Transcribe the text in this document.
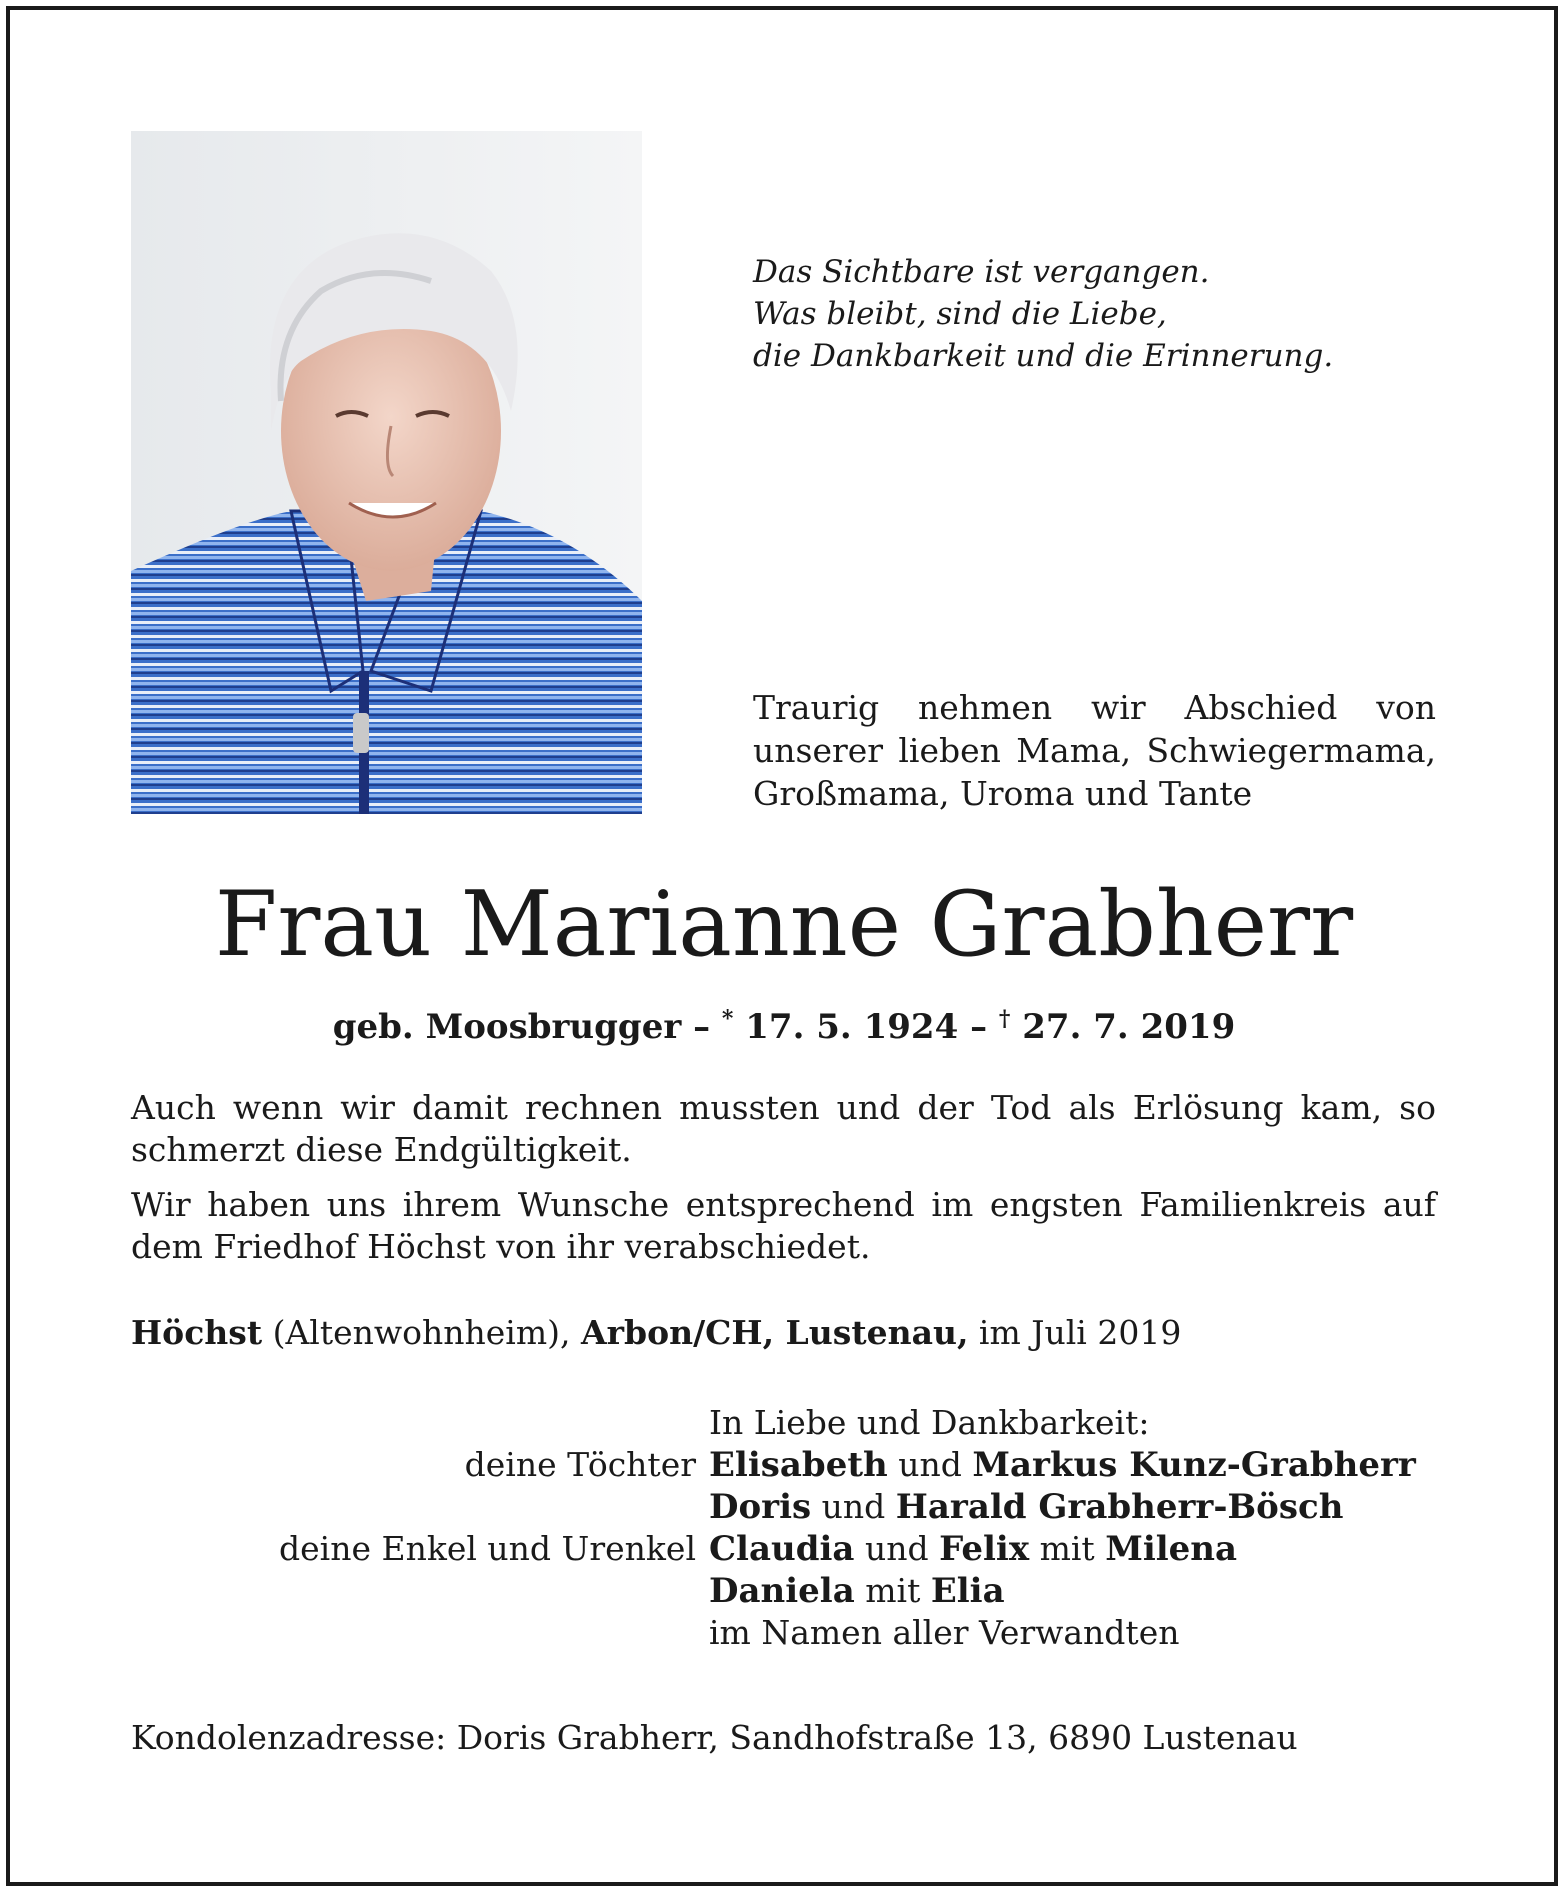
Das Sichtbare ist vergangen.
Was bleibt, sind die Liebe,
die Dankbarkeit und die Erinnerung.
Traurig nehmen wir Abschied von
unserer lieben Mama, Schwiegermama,
Großmama, Uroma und Tante
Frau Marianne Grabherr
geb. Moosbrugger – * 17. 5. 1924 – † 27. 7. 2019
Auch wenn wir damit rechnen mussten und der Tod als Erlösung kam, so
schmerzt diese Endgültigkeit.
Wir haben uns ihrem Wunsche entsprechend im engsten Familienkreis auf
dem Friedhof Höchst von ihr verabschiedet.
Höchst (Altenwohnheim), Arbon/CH, Lustenau, im Juli 2019
In Liebe und Dankbarkeit:
deine Töchter Elisabeth und Markus Kunz-Grabherr
Doris und Harald Grabherr-Bösch
deine Enkel und Urenkel Claudia und Felix mit Milena
Daniela mit Elia
im Namen aller Verwandten
Kondolenzadresse: Doris Grabherr, Sandhofstraße 13, 6890 Lustenau
